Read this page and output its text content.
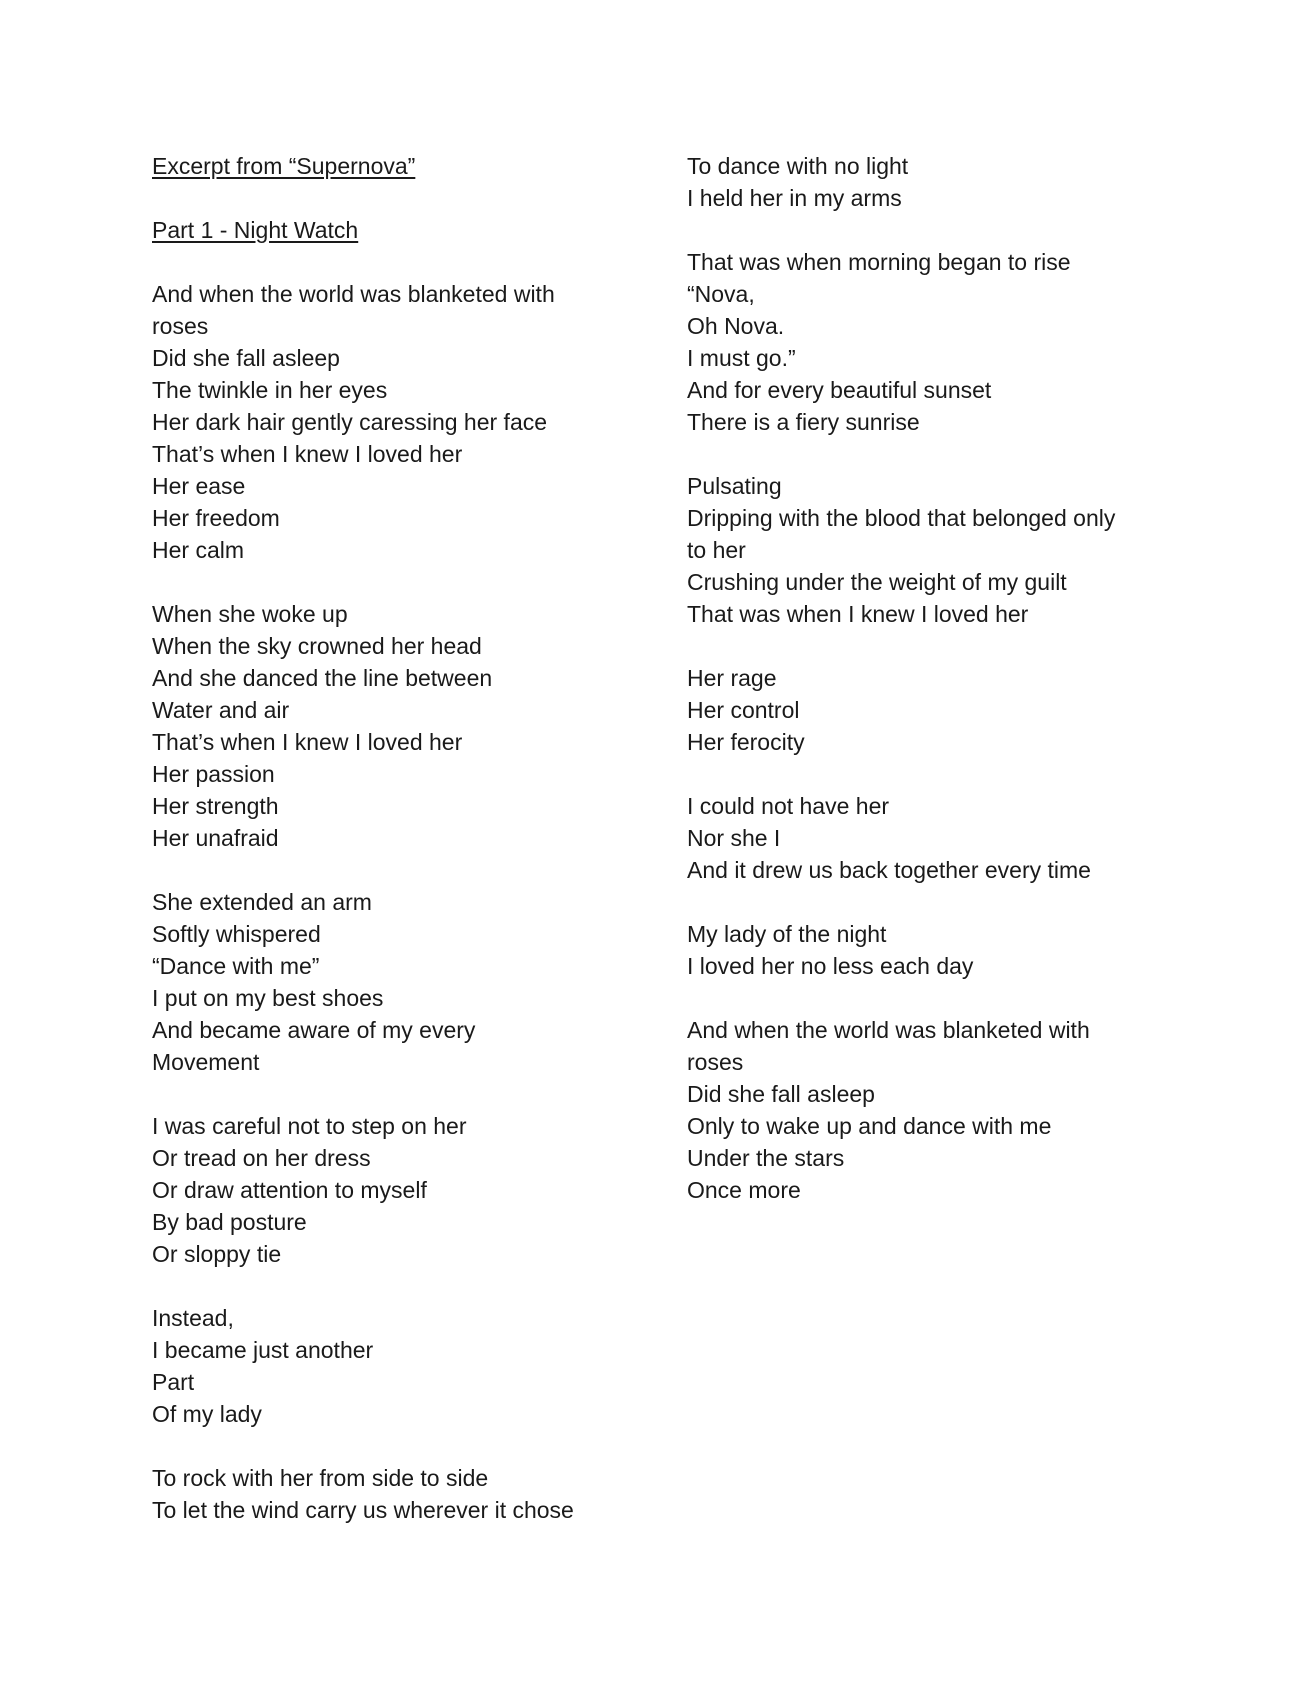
Excerpt from “Supernova”
Part 1 - Night Watch
And when the world was blanketed with
roses
Did she fall asleep
The twinkle in her eyes
Her dark hair gently caressing her face
That’s when I knew I loved her
Her ease
Her freedom
Her calm
When she woke up
When the sky crowned her head
And she danced the line between
Water and air
That’s when I knew I loved her
Her passion
Her strength
Her unafraid
She extended an arm
Softly whispered
“Dance with me”
I put on my best shoes
And became aware of my every
Movement
I was careful not to step on her
Or tread on her dress
Or draw attention to myself
By bad posture
Or sloppy tie
Instead,
I became just another
Part
Of my lady
To rock with her from side to side
To let the wind carry us wherever it chose
To dance with no light
I held her in my arms
That was when morning began to rise
“Nova,
Oh Nova.
I must go.”
And for every beautiful sunset
There is a fiery sunrise
Pulsating
Dripping with the blood that belonged only
to her
Crushing under the weight of my guilt
That was when I knew I loved her
Her rage
Her control
Her ferocity
I could not have her
Nor she I
And it drew us back together every time
My lady of the night
I loved her no less each day
And when the world was blanketed with
roses
Did she fall asleep
Only to wake up and dance with me
Under the stars
Once more
